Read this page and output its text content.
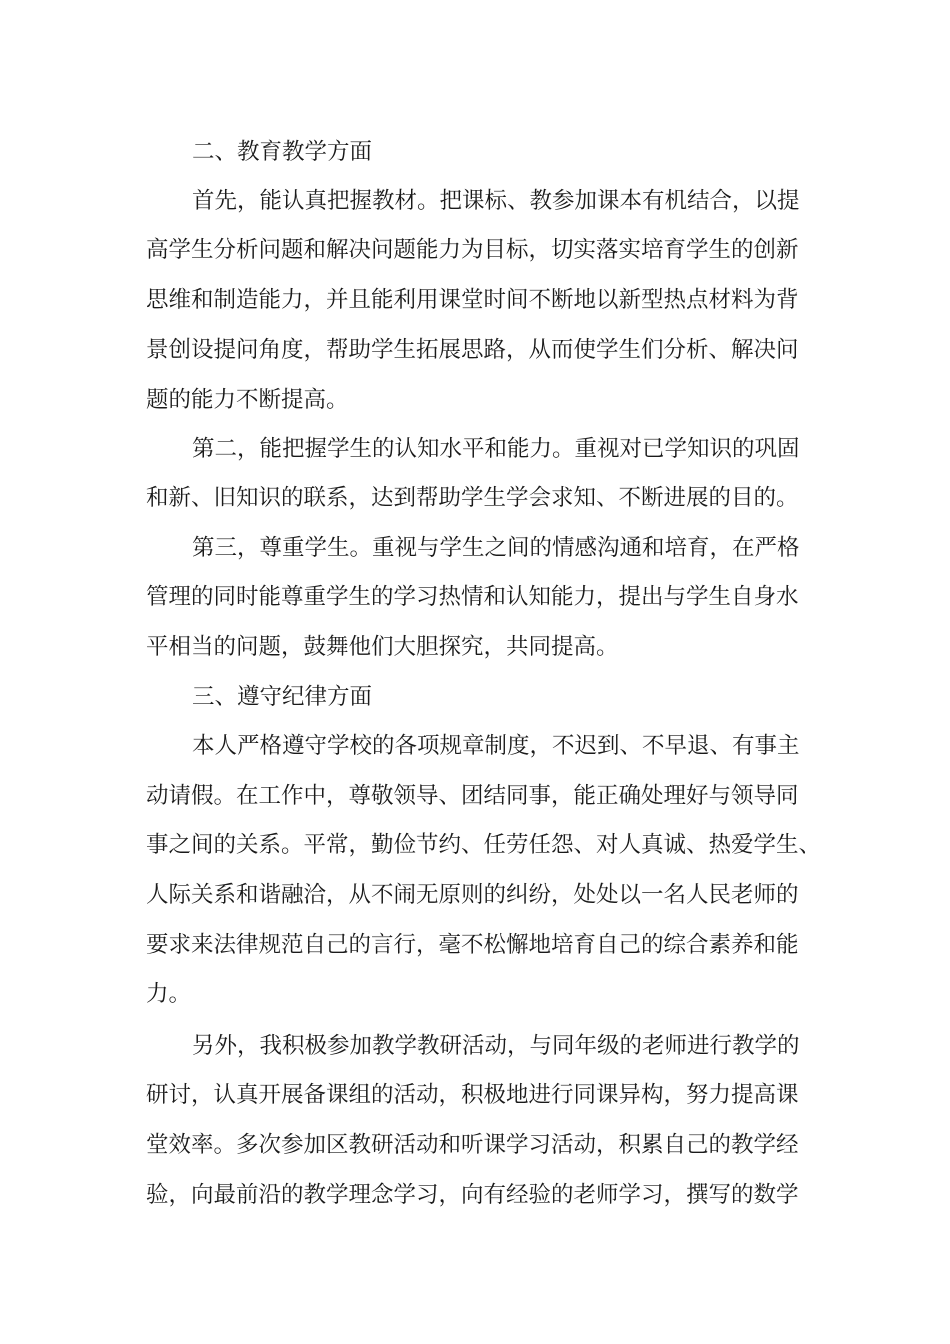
二、教育教学方面
首先，能认真把握教材。把课标、教参加课本有机结合，以提
高学生分析问题和解决问题能力为目标，切实落实培育学生的创新
思维和制造能力，并且能利用课堂时间不断地以新型热点材料为背
景创设提问角度，帮助学生拓展思路，从而使学生们分析、解决问
题的能力不断提高。
第二，能把握学生的认知水平和能力。重视对已学知识的巩固
和新、旧知识的联系，达到帮助学生学会求知、不断进展的目的。
第三，尊重学生。重视与学生之间的情感沟通和培育，在严格
管理的同时能尊重学生的学习热情和认知能力，提出与学生自身水
平相当的问题，鼓舞他们大胆探究，共同提高。
三、遵守纪律方面
本人严格遵守学校的各项规章制度，不迟到、不早退、有事主
动请假。在工作中，尊敬领导、团结同事，能正确处理好与领导同
事之间的关系。平常，勤俭节约、任劳任怨、对人真诚、热爱学生、
人际关系和谐融洽，从不闹无原则的纠纷，处处以一名人民老师的
要求来法律规范自己的言行，毫不松懈地培育自己的综合素养和能
力。
另外，我积极参加教学教研活动，与同年级的老师进行教学的
研讨，认真开展备课组的活动，积极地进行同课异构，努力提高课
堂效率。多次参加区教研活动和听课学习活动，积累自己的教学经
验，向最前沿的教学理念学习，向有经验的老师学习，撰写的数学
